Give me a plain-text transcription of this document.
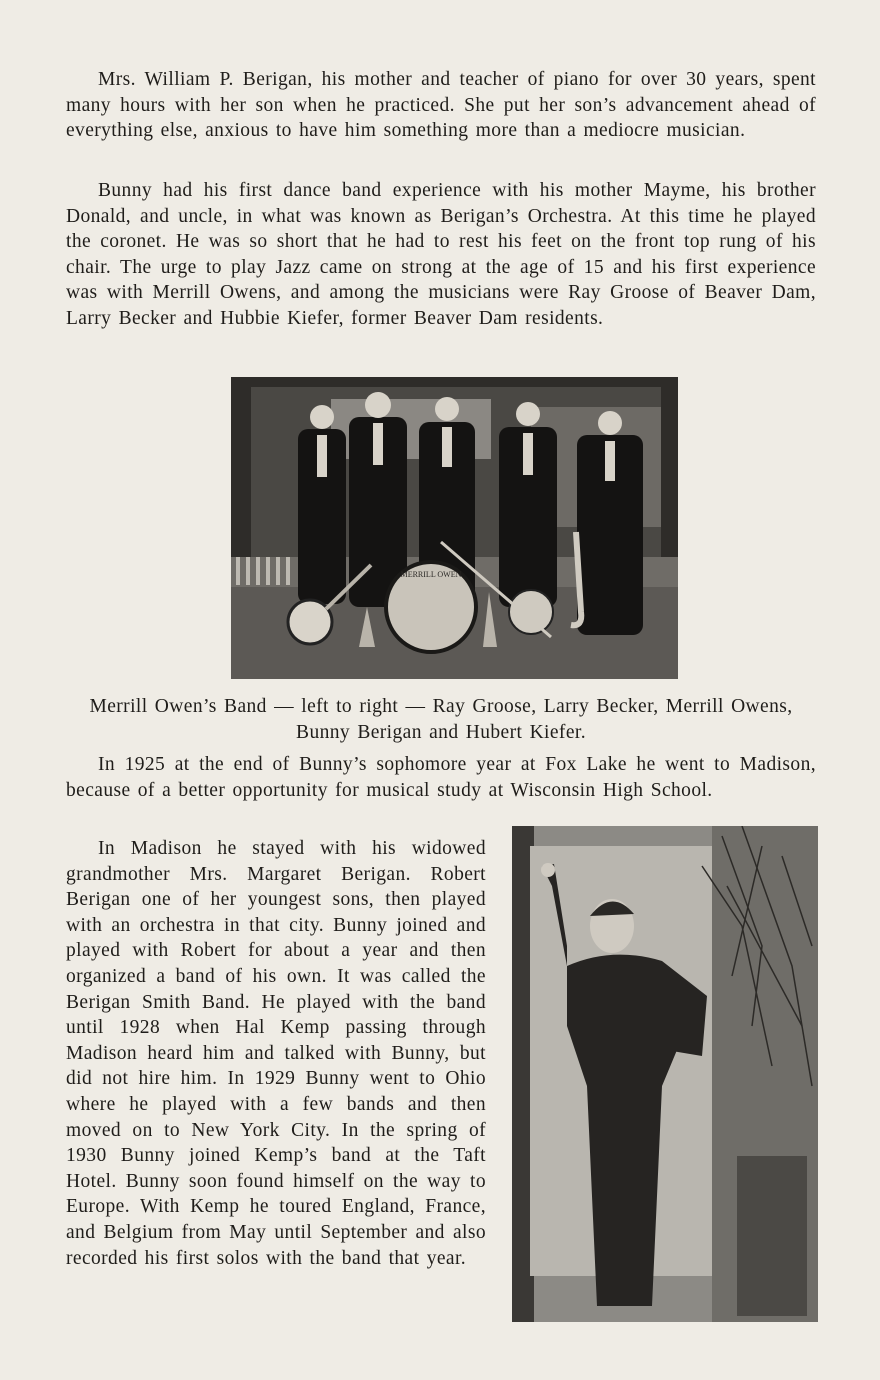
Mrs. William P. Berigan, his mother and teacher of piano for over 30 years, spent many hours with her son when he practiced. She put her son’s advancement ahead of everything else, anxious to have him something more than a mediocre musician.

Bunny had his first dance band experience with his mother Mayme, his brother Donald, and uncle, in what was known as Berigan’s Orchestra. At this time he played the coronet. He was so short that he had to rest his feet on the front top rung of his chair. The urge to play Jazz came on strong at the age of 15 and his first experience was with Merrill Owens, and among the musicians were Ray Groose of Beaver Dam, Larry Becker and Hubbie Kiefer, former Beaver Dam residents.

MERRILL OWEN

Merrill Owen’s Band — left to right — Ray Groose, Larry Becker, Merrill Owens, Bunny Berigan and Hubert Kiefer.

In 1925 at the end of Bunny’s sophomore year at Fox Lake he went to Madison, because of a better opportunity for musical study at Wisconsin High School.

In Madison he stayed with his widowed grandmother Mrs. Margaret Berigan. Robert Berigan one of her youngest sons, then played with an orchestra in that city. Bunny joined and played with Robert for about a year and then organized a band of his own. It was called the Berigan Smith Band. He played with the band until 1928 when Hal Kemp passing through Madison heard him and talked with Bunny, but did not hire him. In 1929 Bunny went to Ohio where he played with a few bands and then moved on to New York City. In the spring of 1930 Bunny joined Kemp’s band at the Taft Hotel. Bunny soon found himself on the way to Europe. With Kemp he toured England, France, and Belgium from May until September and also recorded his first solos with the band that year.
